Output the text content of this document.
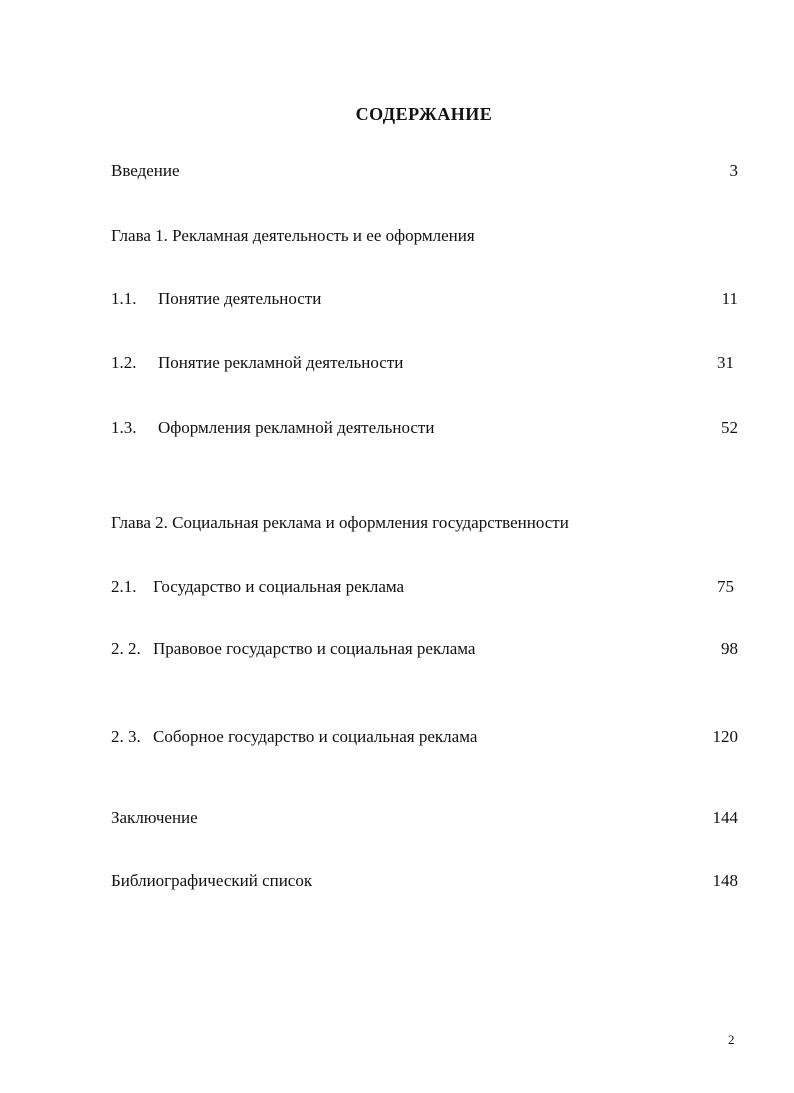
СОДЕРЖАНИЕ
Введение	3
Глава 1. Рекламная деятельность и ее оформления
1.1. Понятие деятельности	11
1.2. Понятие рекламной деятельности	31
1.3. Оформления рекламной деятельности	52
Глава 2. Социальная реклама и оформления государственности
2.1. Государство и социальная реклама	75
2. 2. Правовое государство и социальная реклама	98
2. 3. Соборное государство и социальная реклама	120
Заключение	144
Библиографический список	148
2
